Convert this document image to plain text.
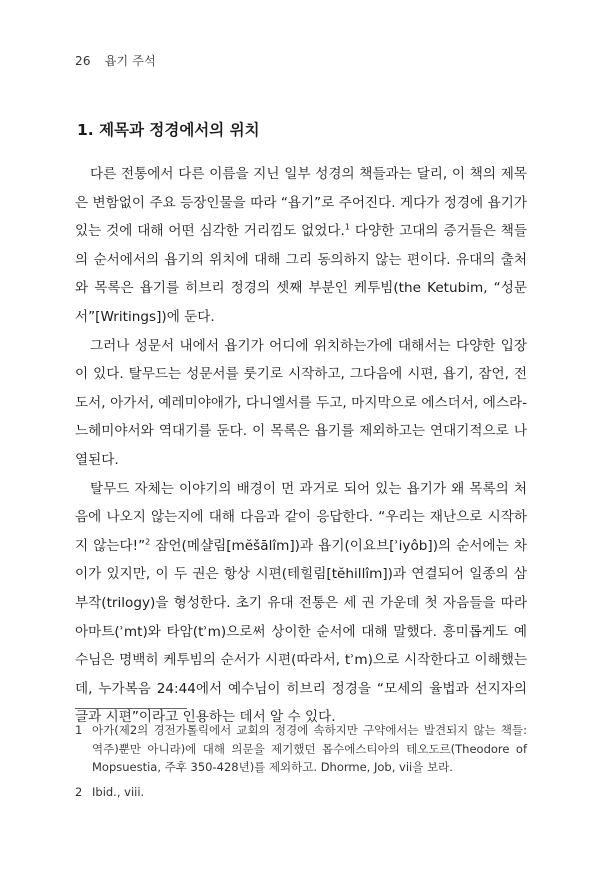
26 욥기 주석
1. 제목과 정경에서의 위치

다른 전통에서 다른 이름을 지닌 일부 성경의 책들과는 달리, 이 책의 제목은 변함없이 주요 등장인물을 따라 “욥기”로 주어진다. 게다가 정경에 욥기가 있는 것에 대해 어떤 심각한 거리낌도 없었다.$^1$ 다양한 고대의 증거들은 책들의 순서에서의 욥기의 위치에 대해 그리 동의하지 않는 편이다. 유대의 출처와 목록은 욥기를 히브리 정경의 셋째 부분인 케투빔(the Ketubim, “성문서”[Writings])에 둔다.

그러나 성문서 내에서 욥기가 어디에 위치하는가에 대해서는 다양한 입장이 있다. 탈무드는 성문서를 룻기로 시작하고, 그다음에 시편, 욥기, 잠언, 전도서, 아가서, 예레미야애가, 다니엘서를 두고, 마지막으로 에스더서, 에스라-느헤미야서와 역대기를 둔다. 이 목록은 욥기를 제외하고는 연대기적으로 나열된다.

탈무드 자체는 이야기의 배경이 먼 과거로 되어 있는 욥기가 왜 목록의 처음에 나오지 않는지에 대해 다음과 같이 응답한다. “우리는 재난으로 시작하지 않는다!”$^2$ 잠언(메샬림[mĕšālîm])과 욥기(이요브[ʾiyôb])의 순서에는 차이가 있지만, 이 두 권은 항상 시편(테힐림[tĕhillîm])과 연결되어 일종의 삼부작(trilogy)을 형성한다. 초기 유대 전통은 세 권 가운데 첫 자음들을 따라 아마트(ʾmt)와 타암(tʾm)으로써 상이한 순서에 대해 말했다. 흥미롭게도 예수님은 명백히 케투빔의 순서가 시편(따라서, tʾm)으로 시작한다고 이해했는데, 누가복음 24:44에서 예수님이 히브리 정경을 “모세의 율법과 선지자의 글과 시편”이라고 인용하는 데서 알 수 있다.

1 아가(제2의 경전가톨릭에서 교회의 정경에 속하지만 구약에서는 발견되지 않는 책들: 역주)뿐만 아니라)에 대해 의문을 제기했던 몹수에스티아의 테오도르(Theodore of Mopsuestia, 주후 350-428년)를 제외하고. Dhorme, Job, vii을 보라.
2 Ibid., viii.
